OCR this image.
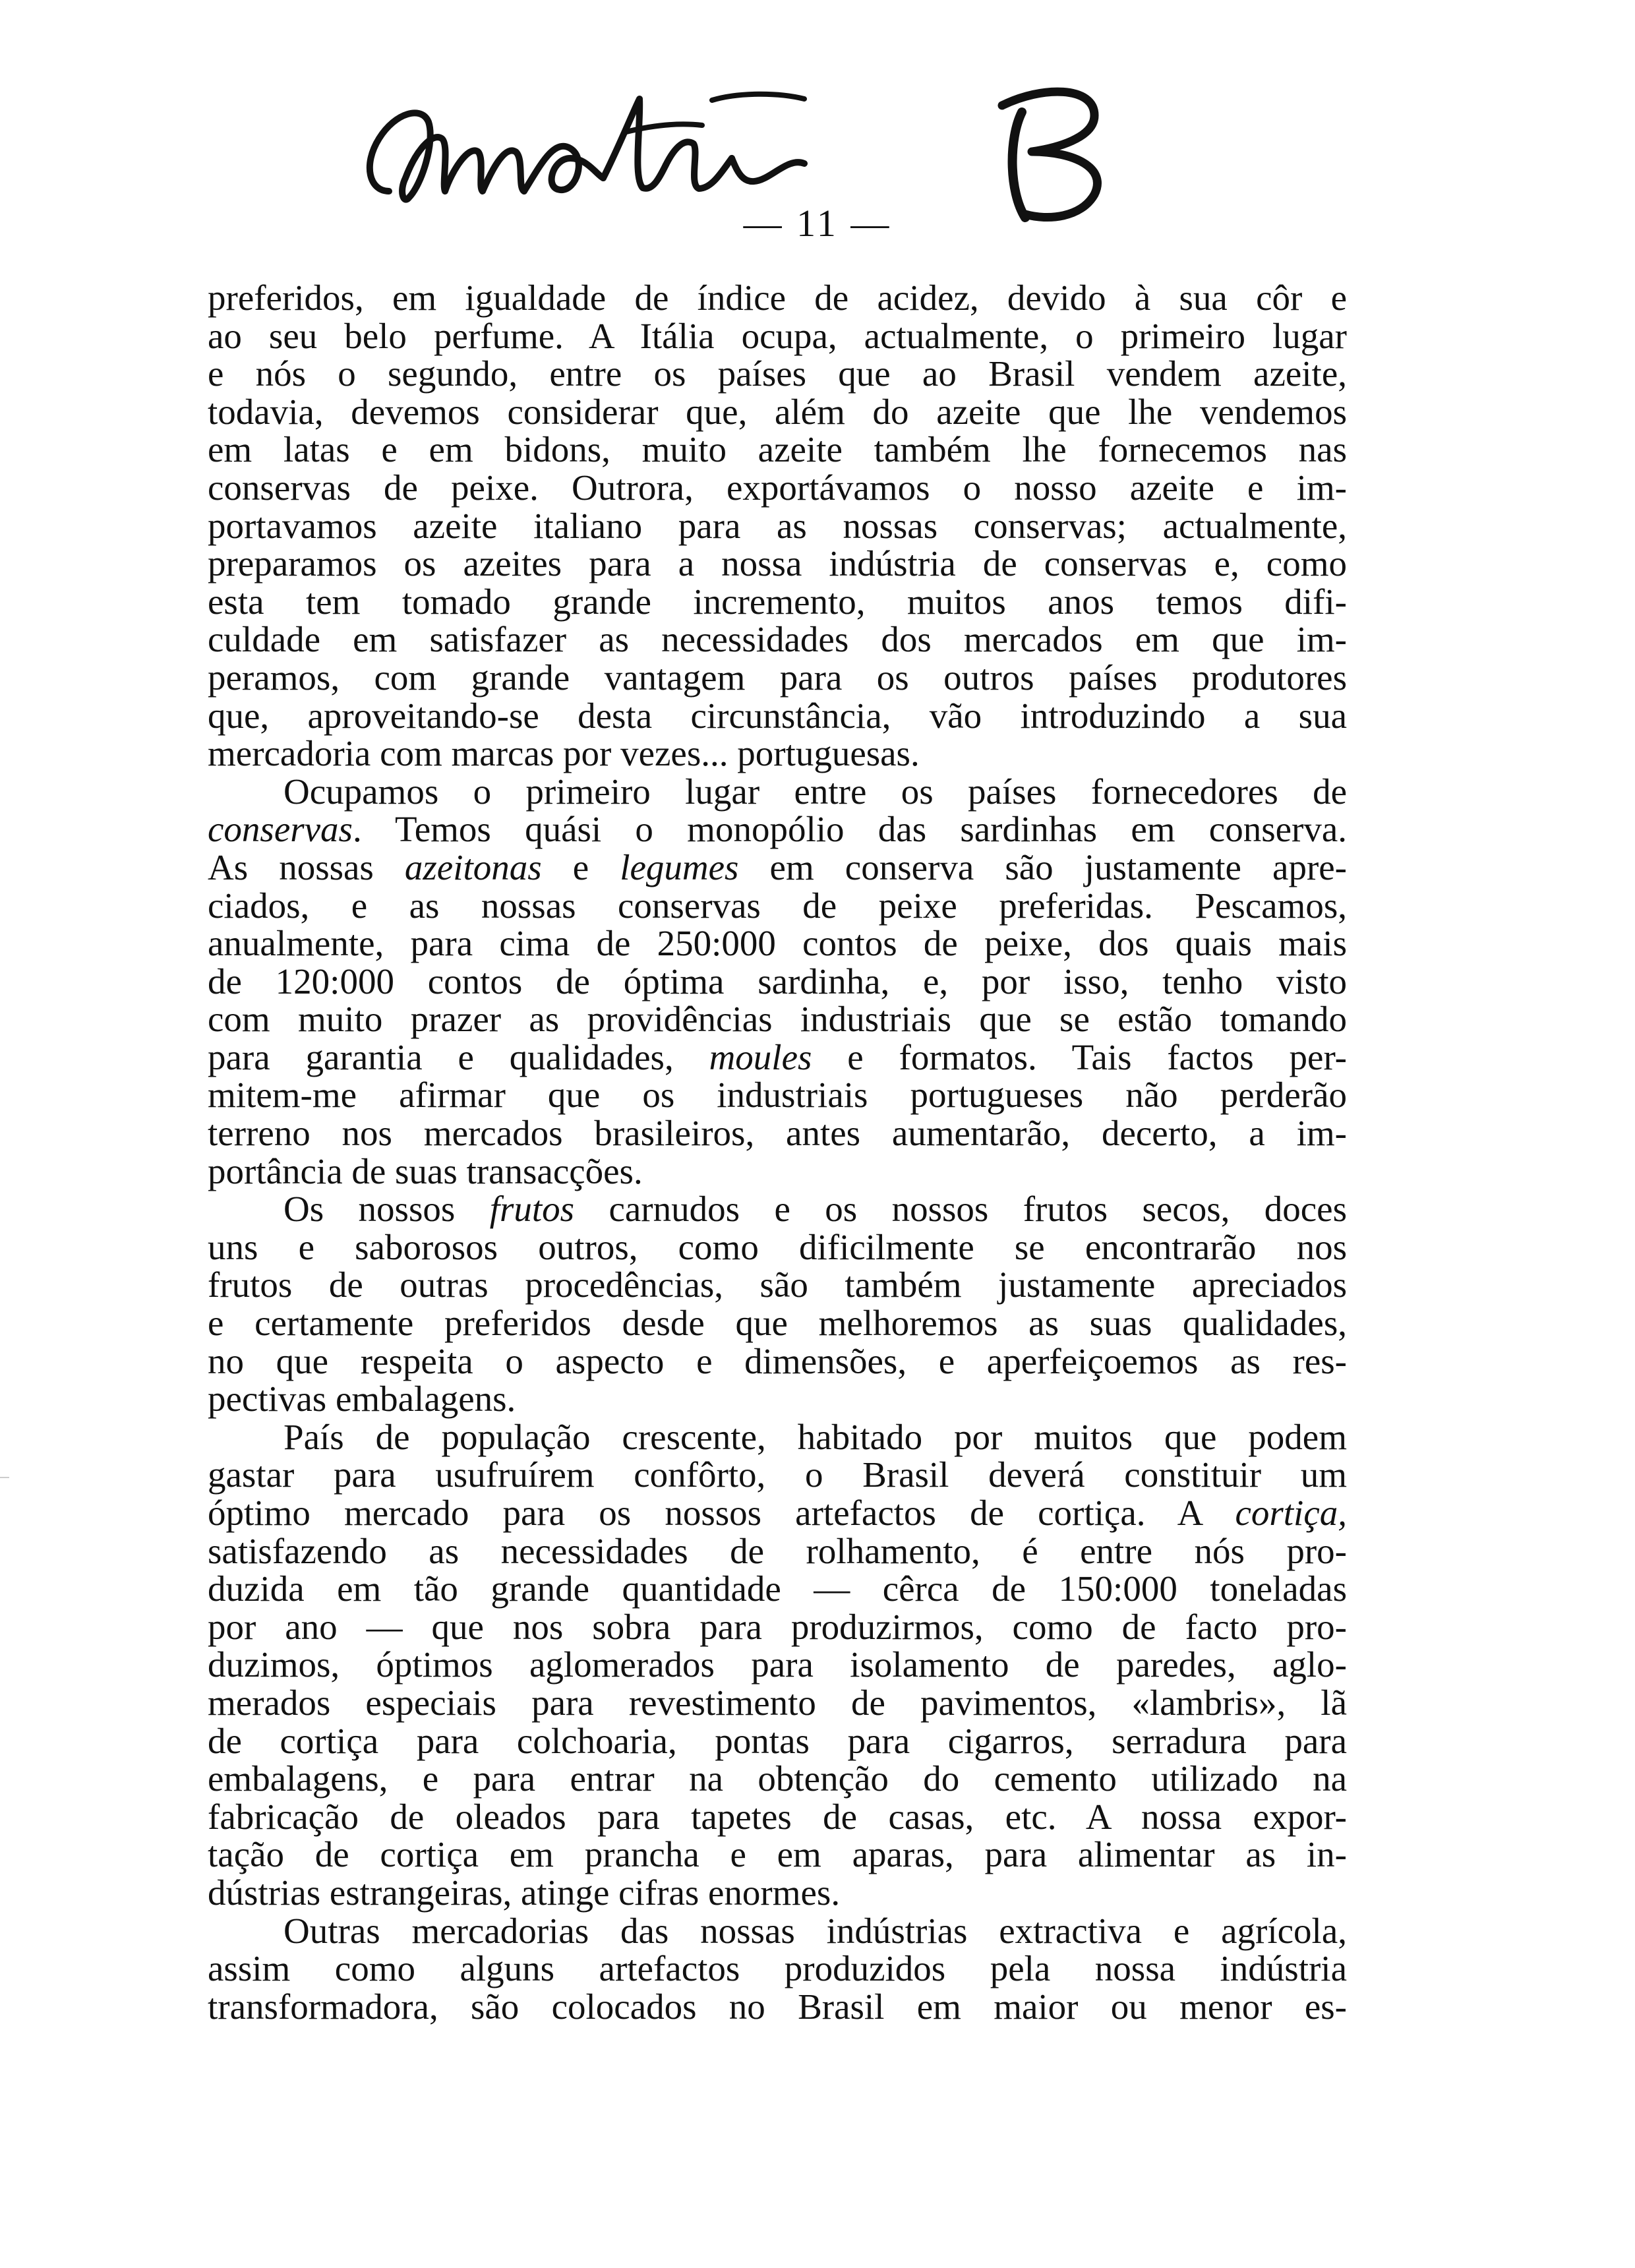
— 11 —
preferidos, em igualdade de índice de acidez, devido à sua côr e
ao seu belo perfume. A Itália ocupa, actualmente, o primeiro lugar
e nós o segundo, entre os países que ao Brasil vendem azeite,
todavia, devemos considerar que, além do azeite que lhe vendemos
em latas e em bidons, muito azeite também lhe fornecemos nas
conservas de peixe. Outrora, exportávamos o nosso azeite e im-
portavamos azeite italiano para as nossas conservas; actualmente,
preparamos os azeites para a nossa indústria de conservas e, como
esta tem tomado grande incremento, muitos anos temos difi-
culdade em satisfazer as necessidades dos mercados em que im-
peramos, com grande vantagem para os outros países produtores
que, aproveitando-se desta circunstância, vão introduzindo a sua
mercadoria com marcas por vezes... portuguesas.
Ocupamos o primeiro lugar entre os países fornecedores de
conservas. Temos quási o monopólio das sardinhas em conserva.
As nossas azeitonas e legumes em conserva são justamente apre-
ciados, e as nossas conservas de peixe preferidas. Pescamos,
anualmente, para cima de 250:000 contos de peixe, dos quais mais
de 120:000 contos de óptima sardinha, e, por isso, tenho visto
com muito prazer as providências industriais que se estão tomando
para garantia e qualidades, moules e formatos. Tais factos per-
mitem-me afirmar que os industriais portugueses não perderão
terreno nos mercados brasileiros, antes aumentarão, decerto, a im-
portância de suas transacções.
Os nossos frutos carnudos e os nossos frutos secos, doces
uns e saborosos outros, como dificilmente se encontrarão nos
frutos de outras procedências, são também justamente apreciados
e certamente preferidos desde que melhoremos as suas qualidades,
no que respeita o aspecto e dimensões, e aperfeiçoemos as res-
pectivas embalagens.
País de população crescente, habitado por muitos que podem
gastar para usufruírem confôrto, o Brasil deverá constituir um
óptimo mercado para os nossos artefactos de cortiça. A cortiça,
satisfazendo as necessidades de rolhamento, é entre nós pro-
duzida em tão grande quantidade — cêrca de 150:000 toneladas
por ano — que nos sobra para produzirmos, como de facto pro-
duzimos, óptimos aglomerados para isolamento de paredes, aglo-
merados especiais para revestimento de pavimentos, «lambris», lã
de cortiça para colchoaria, pontas para cigarros, serradura para
embalagens, e para entrar na obtenção do cemento utilizado na
fabricação de oleados para tapetes de casas, etc. A nossa expor-
tação de cortiça em prancha e em aparas, para alimentar as in-
dústrias estrangeiras, atinge cifras enormes.
Outras mercadorias das nossas indústrias extractiva e agrícola,
assim como alguns artefactos produzidos pela nossa indústria
transformadora, são colocados no Brasil em maior ou menor es-
